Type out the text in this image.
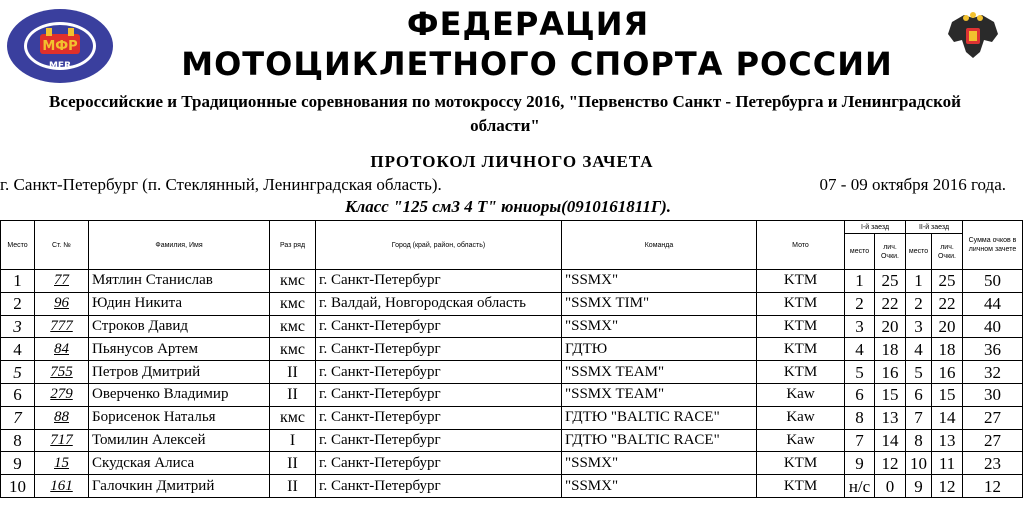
МФР
MFR
ФЕДЕРАЦИЯ
МОТОЦИКЛЕТНОГО СПОРТА РОССИИ
Всероссийские и Традиционные соревнования по мотокроссу 2016, "Первенство Санкт - Петербурга и Ленинградской области"
ПРОТОКОЛ ЛИЧНОГО ЗАЧЕТА
г. Санкт-Петербург (п. Стеклянный, Ленинградская область).	07 - 09 октября 2016 года.
Класс "125 см3 4 Т" юниоры(0910161811Г).
Место	Ст. №	Фамилия, Имя	Раз ряд	Город (край, район, область)	Команда	Мото	I-й заезд		II-й заезд		Сумма очков в личном зачете
							место	лич. Очки.	место	лич. Очки.	
1	77	Мятлин Станислав	кмс	г. Санкт-Петербург	"SSMX"	KTM	1	25	1	25	50
2	96	Юдин Никита	кмс	г. Валдай, Новгородская область	"SSMX TIM"	KTM	2	22	2	22	44
3	777	Строков Давид	кмс	г. Санкт-Петербург	"SSMX"	KTM	3	20	3	20	40
4	84	Пьянусов Артем	кмс	г. Санкт-Петербург	ГДТЮ	KTM	4	18	4	18	36
5	755	Петров Дмитрий	II	г. Санкт-Петербург	"SSMX TEAM"	KTM	5	16	5	16	32
6	279	Оверченко Владимир	II	г. Санкт-Петербург	"SSMX TEAM"	Kaw	6	15	6	15	30
7	88	Борисенок Наталья	кмс	г. Санкт-Петербург	ГДТЮ "BALTIC RACE"	Kaw	8	13	7	14	27
8	717	Томилин Алексей	I	г. Санкт-Петербург	ГДТЮ "BALTIC RACE"	Kaw	7	14	8	13	27
9	15	Скудская Алиса	II	г. Санкт-Петербург	"SSMX"	KTM	9	12	10	11	23
10	161	Галочкин Дмитрий	II	г. Санкт-Петербург	"SSMX"	KTM	н/с	0	9	12	12
